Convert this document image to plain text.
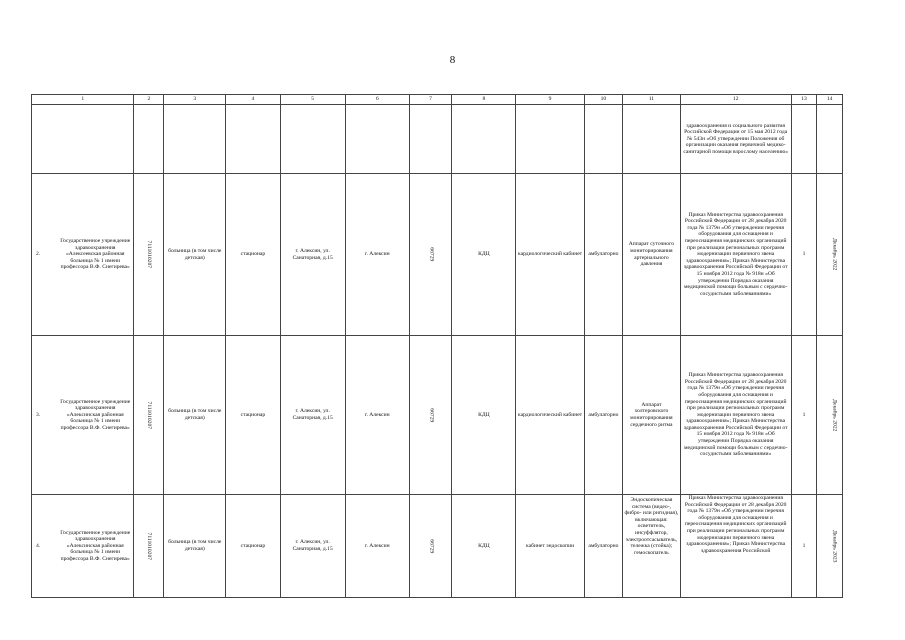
8
1	2	3	4	5	6	7	8	9	10	11	12	13	14
											здравоохранения и социального развития Российской Федерации от 15 мая 2012 года № 543н «Об утверждении Положения об организации оказания первичной медико-санитарной помощи взрослому населению»		

2.
Государственное учреждение здравоохранения «Алексеевская районная больница № 1 имени профессора В.Ф. Снегирева»	7111010207	больница (в том числе детская)	стационар	г. Алексин, ул. Санаторная, д.15	г. Алексин	66729	КДЦ	кардиологический кабинет	амбулаторно	Аппарат суточного мониторирования артериального давления	Приказ Министерства здравоохранения Российской Федерации от 28 декабря 2020 года № 1379н «Об утверждении перечня оборудования для оснащения и переоснащения медицинских организаций при реализации региональных программ модернизации первичного звена здравоохранения»; Приказ Министерства здравоохранения Российской Федерации от 15 ноября 2012 года № 918н «Об утверждении Порядка оказания медицинской помощи больным с сердечно-сосудистыми заболеваниями»	1	Декабрь 2022

3.
Государственное учреждение здравоохранения «Алексинская районная больница № 1 имени профессора В.Ф. Снегирева»	7111010207	больница (в том числе детская)	стационар	г. Алексин, ул. Санаторная, д.15	г. Алексин	66729	КДЦ	кардиологический кабинет	амбулаторно	Аппарат холтеровского мониторирования сердечного ритма	Приказ Министерства здравоохранения Российской Федерации от 28 декабря 2020 года № 1379н «Об утверждении перечня оборудования для оснащения и переоснащения медицинских организаций при реализации региональных программ модернизации первичного звена здравоохранения»; Приказ Министерства здравоохранения Российской Федерации от 15 ноября 2012 года № 918н «Об утверждении Порядка оказания медицинской помощи больным с сердечно-сосудистыми заболеваниями»	1	Декабрь 2022

4.
Государственное учреждение здравоохранения «Алексинская районная больница № 1 имени профессора В.Ф. Снегирева»	7111010207	больница (в том числе детская)	стационар	г. Алексин, ул. Санаторная, д.15	г. Алексин	66729	КДЦ	кабинет эндоскопии	амбулаторно	Эндоскопическая система (видео-, фибро- или ригидная), включающая: осветитель, инсуффлятор, электроотсасыватель, тележка (стойка); гемоскопатель	Приказ Министерства здравоохранения Российской Федерации от 28 декабря 2020 года № 1379н «Об утверждении перечня оборудования для оснащения и переоснащения медицинских организаций при реализации региональных программ модернизации первичного звена здравоохранения»; Приказ Министерства здравоохранения Российской	1	Декабрь 2023
